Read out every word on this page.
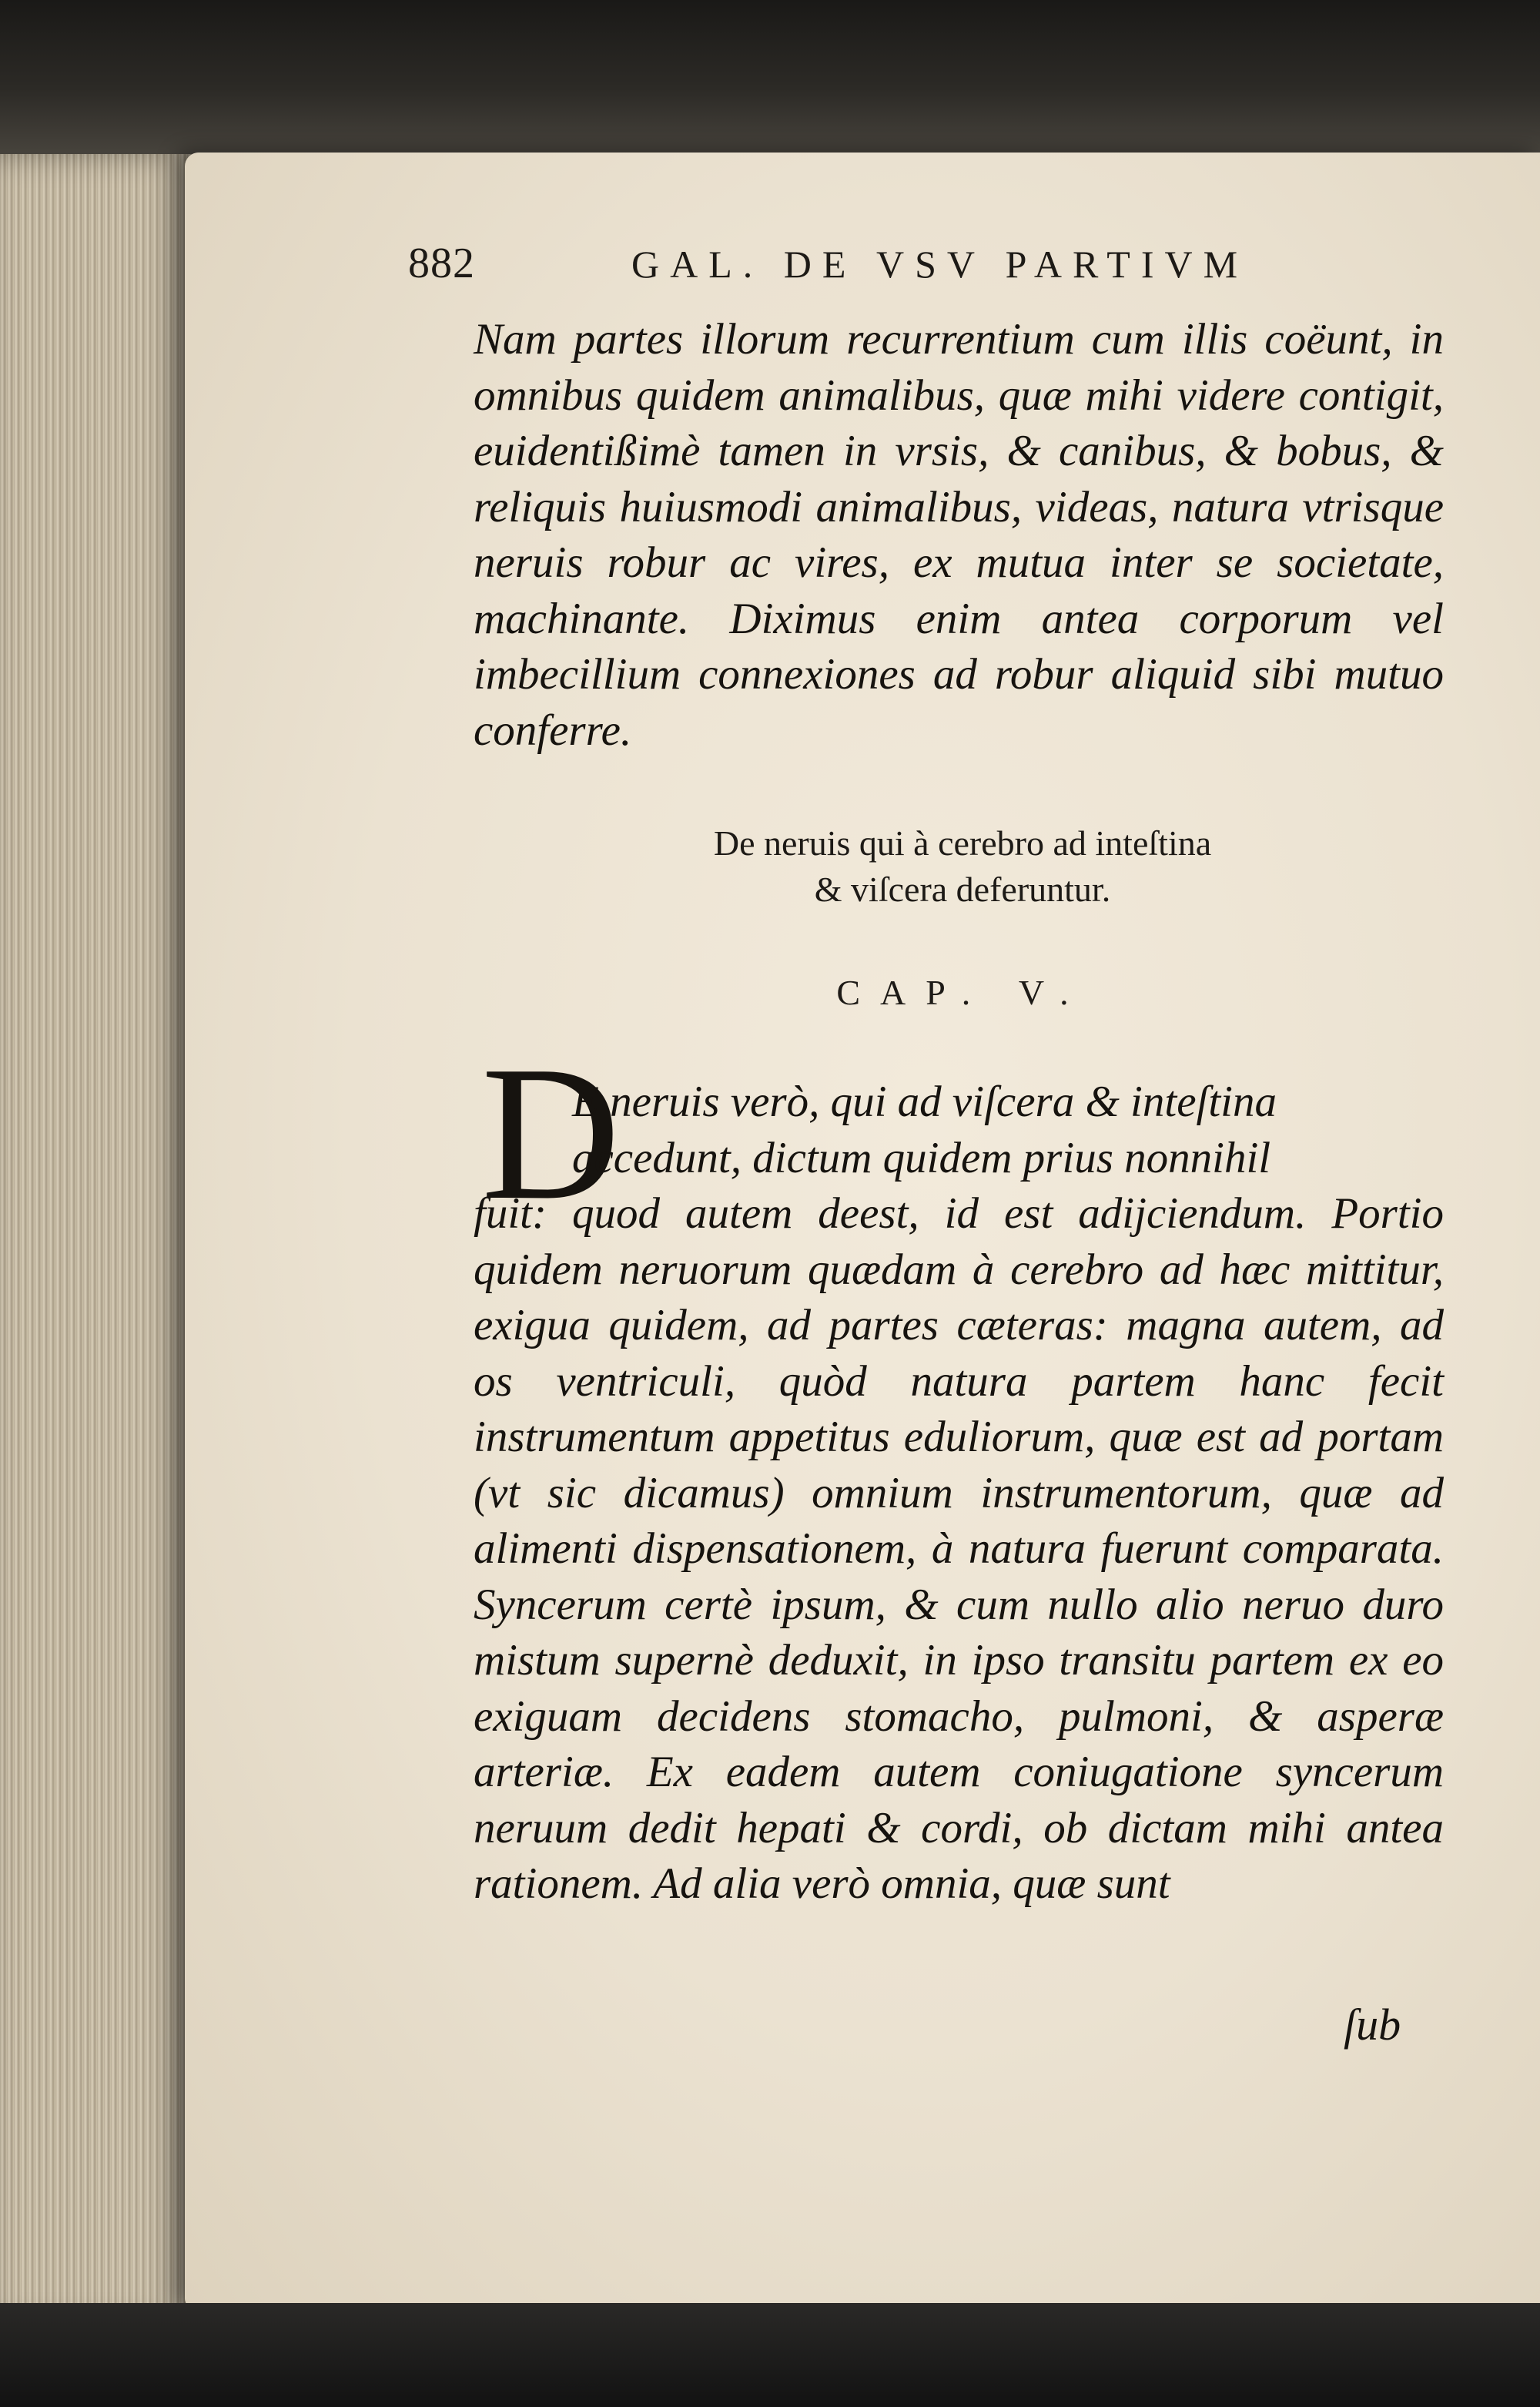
882	GAL. DE VSV PARTIVM
Nam partes illorum recurrentium cum illis coëunt, in omnibus quidem animalibus, quæ mihi videre contigit, euidentißimè tamen in vrsis, & canibus, & bobus, & reliquis huiusmodi animalibus, videas, natura vtrisque neruis robur ac vires, ex mutua inter se societate, machinante. Diximus enim antea corporum vel imbecillium connexiones ad robur aliquid sibi mutuo conferre.
De neruis qui à cerebro ad inteſtina
& viſcera deferuntur.
CAP. V.
D
E neruis verò, qui ad viſcera & inteſtina
accedunt, dictum quidem prius nonnihil
fuit: quod autem deest, id est adijciendum. Portio quidem neruorum quædam à cerebro ad hæc mittitur, exigua quidem, ad partes cæteras: magna autem, ad os ventriculi, quòd natura partem hanc fecit instrumentum appetitus eduliorum, quæ est ad portam (vt sic dicamus) omnium instrumentorum, quæ ad alimenti dispensationem, à natura fuerunt comparata. Syncerum certè ipsum, & cum nullo alio neruo duro mistum supernè deduxit, in ipso transitu partem ex eo exiguam decidens stomacho, pulmoni, & asperæ arteriæ. Ex eadem autem coniugatione syncerum neruum dedit hepati & cordi, ob dictam mihi antea rationem. Ad alia verò omnia, quæ sunt
ſub
